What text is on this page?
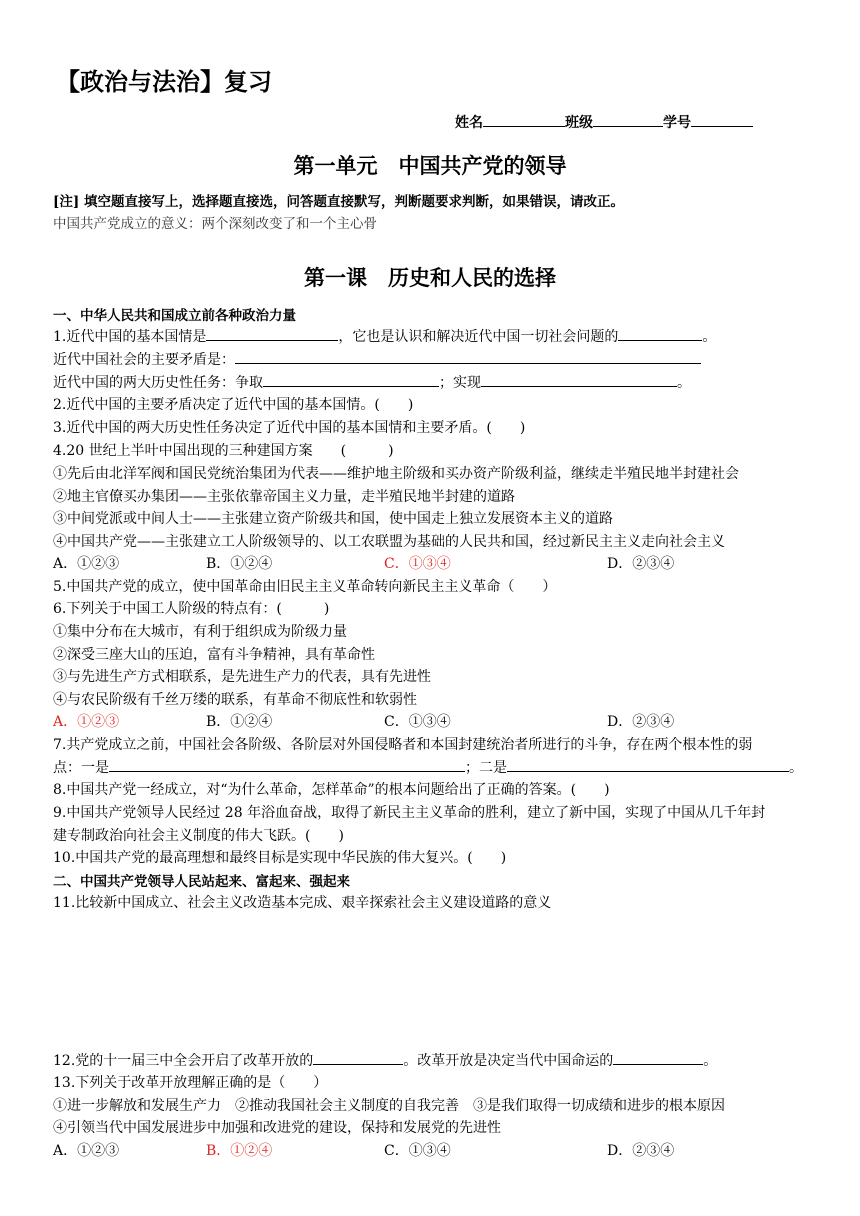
【政治与法治】复习
姓名	班级	学号
第一单元　中国共产党的领导
[注] 填空题直接写上，选择题直接选，问答题直接默写，判断题要求判断，如果错误，请改正。
中国共产党成立的意义：两个深刻改变了和一个主心骨
第一课　历史和人民的选择
一、中华人民共和国成立前各种政治力量
1.近代中国的基本国情是	，它也是认识和解决近代中国一切社会问题的	。
近代中国社会的主要矛盾是：
近代中国的两大历史性任务：争取	；实现	。
2.近代中国的主要矛盾决定了近代中国的基本国情。(　　)
3.近代中国的两大历史性任务决定了近代中国的基本国情和主要矛盾。(　　)
4.20 世纪上半叶中国出现的三种建国方案　　(　　　)
①先后由北洋军阀和国民党统治集团为代表——维护地主阶级和买办资产阶级利益，继续走半殖民地半封建社会
②地主官僚买办集团——主张依靠帝国主义力量，走半殖民地半封建的道路
③中间党派或中间人士——主张建立资产阶级共和国，使中国走上独立发展资本主义的道路
④中国共产党——主张建立工人阶级领导的、以工农联盟为基础的人民共和国，经过新民主主义走向社会主义
A．①②③	B．①②④	C．①③④	D．②③④
5.中国共产党的成立，使中国革命由旧民主主义革命转向新民主主义革命（　　）
6.下列关于中国工人阶级的特点有：(　　　)
①集中分布在大城市，有利于组织成为阶级力量
②深受三座大山的压迫，富有斗争精神，具有革命性
③与先进生产方式相联系，是先进生产力的代表，具有先进性
④与农民阶级有千丝万缕的联系，有革命不彻底性和软弱性
A．①②③	B．①②④	C．①③④	D．②③④
7.共产党成立之前，中国社会各阶级、各阶层对外国侵略者和本国封建统治者所进行的斗争，存在两个根本性的弱
点：一是	；二是	。
8.中国共产党一经成立，对“为什么革命，怎样革命”的根本问题给出了正确的答案。(　　)
9.中国共产党领导人民经过 28 年浴血奋战，取得了新民主主义革命的胜利，建立了新中国，实现了中国从几千年封
建专制政治向社会主义制度的伟大飞跃。(　　)
10.中国共产党的最高理想和最终目标是实现中华民族的伟大复兴。(　　)
二、中国共产党领导人民站起来、富起来、强起来
11.比较新中国成立、社会主义改造基本完成、艰辛探索社会主义建设道路的意义
12.党的十一届三中全会开启了改革开放的	。改革开放是决定当代中国命运的	。
13.下列关于改革开放理解正确的是（　　）
①进一步解放和发展生产力　②推动我国社会主义制度的自我完善　③是我们取得一切成绩和进步的根本原因
④引领当代中国发展进步中加强和改进党的建设，保持和发展党的先进性
A．①②③	B．①②④	C．①③④	D．②③④
